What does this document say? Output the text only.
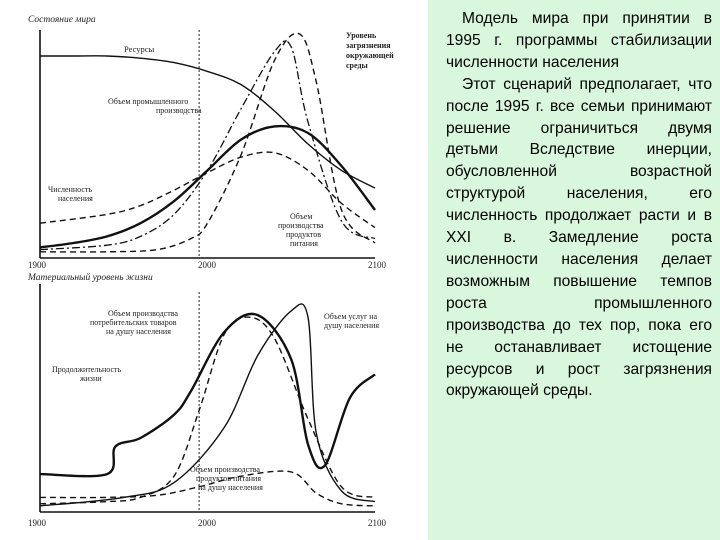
Состояние мира
1900	2000	2100
Ресурсы
Уровень загрязнения окружающей среды
Объем промышленного производства
Численность населения
Объем производства продуктов питания
Материальный уровень жизни
1900	2000	2100
Объем производства потребительских товаров на душу населения
Продолжительность жизни
Объем услуг на душу населения
Объем производства продуктов питания на душу населения

Модель мира при принятии в 1995 г. программы стабилизации численности населения

Этот сценарий предполагает, что после 1995 г. все семьи принимают решение ограничиться двумя детьми Вследствие инерции, обусловленной возрастной структурой населения, его численность продолжает расти и в XXI в. Замедление роста численности населения делает возможным повышение темпов роста промышленного производства до тех пор, пока его не останавливает истощение ресурсов и рост загрязнения окружающей среды.
